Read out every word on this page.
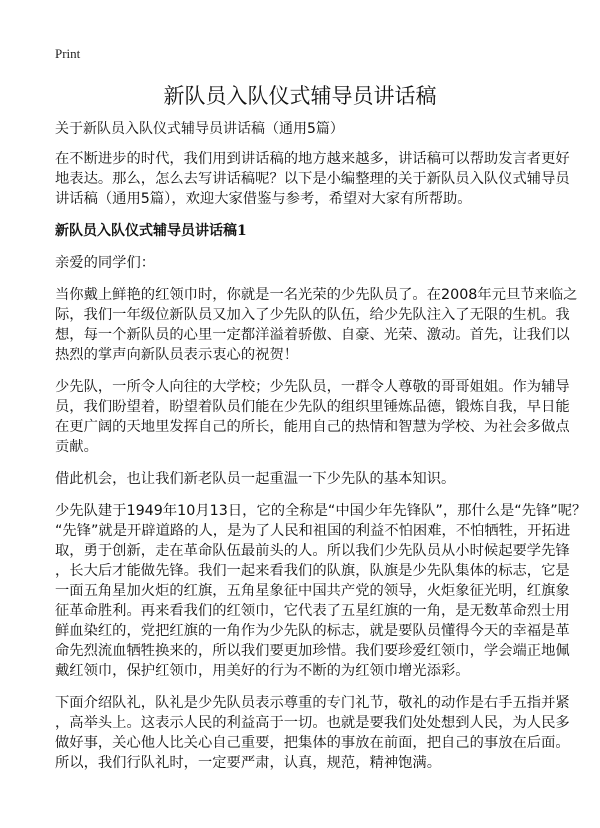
Print
新队员入队仪式辅导员讲话稿
关于新队员入队仪式辅导员讲话稿（通用5篇）
在不断进步的时代，我们用到讲话稿的地方越来越多，讲话稿可以帮助发言者更好
地表达。那么，怎么去写讲话稿呢？以下是小编整理的关于新队员入队仪式辅导员
讲话稿（通用5篇），欢迎大家借鉴与参考，希望对大家有所帮助。
新队员入队仪式辅导员讲话稿1
亲爱的同学们：
当你戴上鲜艳的红领巾时，你就是一名光荣的少先队员了。在2008年元旦节来临之
际，我们一年级位新队员又加入了少先队的队伍，给少先队注入了无限的生机。我
想，每一个新队员的心里一定都洋溢着骄傲、自豪、光荣、激动。首先，让我们以
热烈的掌声向新队员表示衷心的祝贺！
少先队，一所令人向往的大学校；少先队员，一群令人尊敬的哥哥姐姐。作为辅导
员，我们盼望着，盼望着队员们能在少先队的组织里锤炼品德，锻炼自我，早日能
在更广阔的天地里发挥自己的所长，能用自己的热情和智慧为学校、为社会多做点
贡献。
借此机会，也让我们新老队员一起重温一下少先队的基本知识。
少先队建于1949年10月13日，它的全称是“中国少年先锋队”，那什么是“先锋”呢？
“先锋”就是开辟道路的人，是为了人民和祖国的利益不怕困难，不怕牺牲，开拓进
取，勇于创新，走在革命队伍最前头的人。所以我们少先队员从小时候起要学先锋
，长大后才能做先锋。我们一起来看我们的队旗，队旗是少先队集体的标志，它是
一面五角星加火炬的红旗，五角星象征中国共产党的领导，火炬象征光明，红旗象
征革命胜利。再来看我们的红领巾，它代表了五星红旗的一角，是无数革命烈士用
鲜血染红的，党把红旗的一角作为少先队的标志，就是要队员懂得今天的幸福是革
命先烈流血牺牲换来的，所以我们要更加珍惜。我们要珍爱红领巾，学会端正地佩
戴红领巾，保护红领巾，用美好的行为不断的为红领巾增光添彩。
下面介绍队礼，队礼是少先队员表示尊重的专门礼节，敬礼的动作是右手五指并紧
，高举头上。这表示人民的利益高于一切。也就是要我们处处想到人民，为人民多
做好事，关心他人比关心自己重要，把集体的事放在前面，把自己的事放在后面。
所以，我们行队礼时，一定要严肃，认真，规范，精神饱满。
